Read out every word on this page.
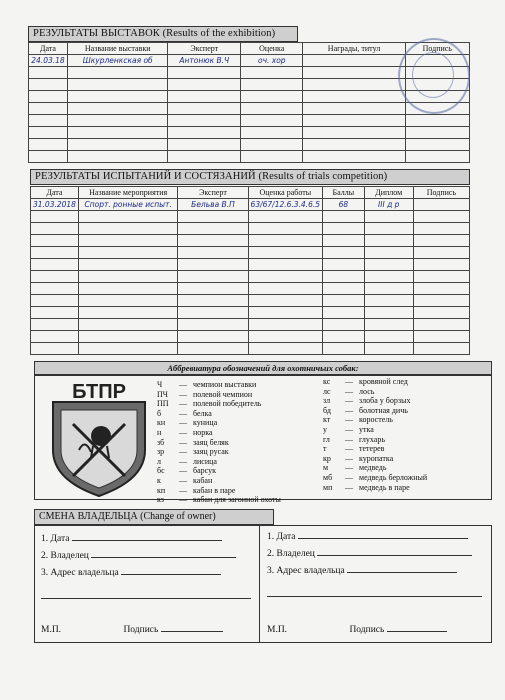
РЕЗУЛЬТАТЫ ВЫСТАВОК (Results of the exhibition)
Дата	Название выставки	Эксперт	Оценка	Награды, титул	Подпись
24.03.18	Шкурленкская об	Антонюк В.Ч	оч. хор		

РЕЗУЛЬТАТЫ ИСПЫТАНИЙ И СОСТЯЗАНИЙ (Results of trials competition)
Дата	Название мероприятия	Эксперт	Оценка работы	Баллы	Диплом	Подпись
31.03.2018	Спорт. ронные испыт.	Бельва В.П	63/67/12.6.3.4.6.5	68	III д р	

Аббревиатура обозначений для охотничьих собак:
БТПР	Ч — чемпион выставки
ПЧ — полевой чемпион
ПП — полевой победитель
б — белка
кн — куница
н — норка
зб — заяц беляк
зр — заяц русак
л — лисица
бс — барсук
к — кабан
кп — кабан в паре
кз — кабан для загонной охоты
кс — кровяной след
лс — лось
зл — злоба у борзых
бд — болотная дичь
кт — коростель
у — утка
гл — глухарь
т — тетерев
кр — куропатка
м — медведь
мб — медведь берложный
мп — медведь в паре
СМЕНА ВЛАДЕЛЬЦА (Change of owner)
1. Дата
2. Владелец
3. Адрес владельца
М.П.	Подпись
1. Дата
2. Владелец
3. Адрес владельца
М.П.	Подпись
